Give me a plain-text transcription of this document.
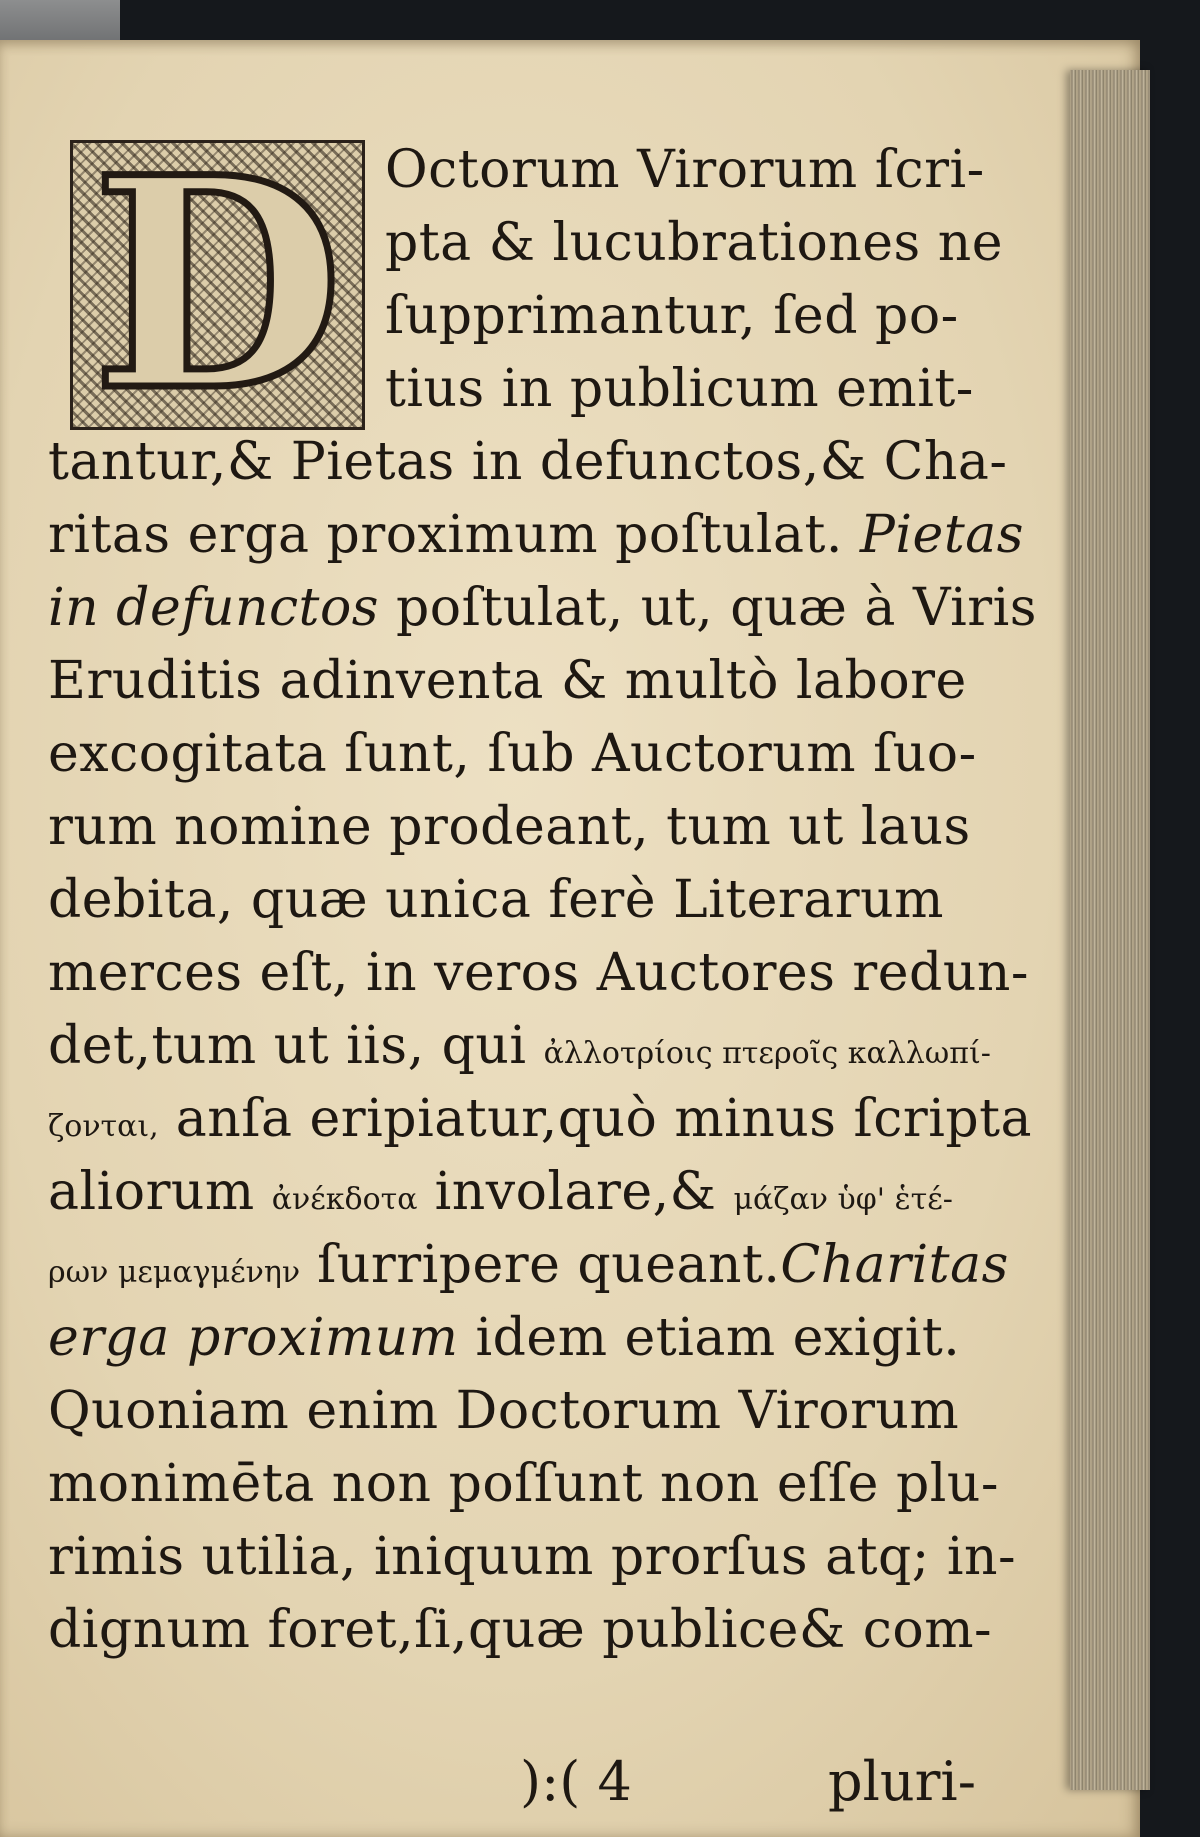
D Octorum Virorum ſcri-
pta & lucubrationes ne
ſupprimantur, ſed po-
tius in publicum emit-
tantur,& Pietas in defunctos,& Cha-
ritas erga proximum poſtulat. Pietas
in defunctos poſtulat, ut, quæ à Viris
Eruditis adinventa & multò labore
excogitata ſunt, ſub Auctorum ſuo-
rum nomine prodeant, tum ut laus
debita, quæ unica ferè Literarum
merces eſt, in veros Auctores redun-
det,tum ut iis, qui ἀλλοτρίοις πτεροῖς καλλωπί-
ζονται, anſa eripiatur,quò minus ſcripta
aliorum ἀνέκδοτα involare,& μάζαν ὑφ' ἑτέ-
ρων μεμαγμένην ſurripere queant.Charitas
erga proximum idem etiam exigit.
Quoniam enim Doctorum Virorum
monimēta non poſſunt non eſſe plu-
rimis utilia, iniquum prorſus atq; in-
dignum foret,ſi,quæ publice& com-
):( 4	pluri-
